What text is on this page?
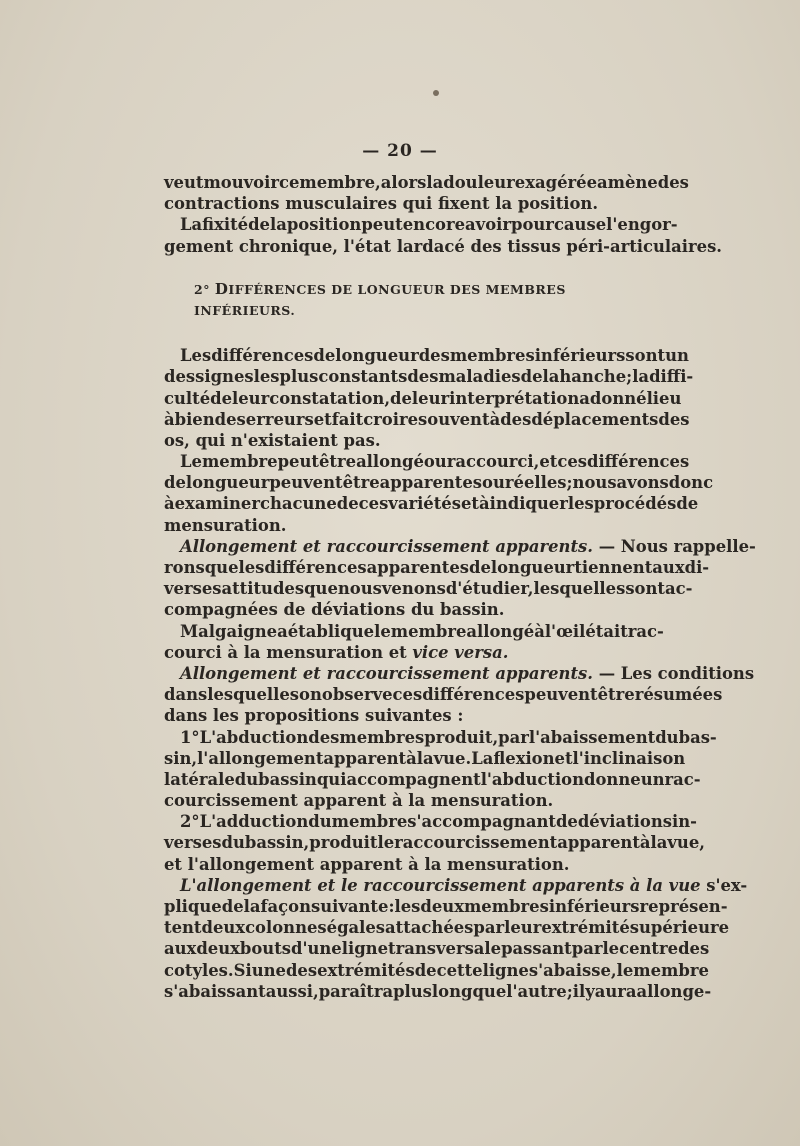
— 20 —
veut mouvoir ce membre, alors la douleur exagérée amène des
contractions musculaires qui fixent la position.
La fixité de la position peut encore avoir pour cause l'engor-
gement chronique, l'état lardacé des tissus péri-articulaires.
2° DIFFÉRENCES DE LONGUEUR DES MEMBRES INFÉRIEURS.
Les différences de longueur des membres inférieurs sont un
des signes les plus constants des maladies de la hanche; la diffi-
culté de leur constatation, de leur interprétation a donné lieu
à bien des erreurs et fait croire souvent à des déplacements des
os, qui n'existaient pas.
Le membre peut être allongé ou raccourci, et ces différences
de longueur peuvent être apparentes ou réelles; nous avons donc
à examiner chacune de ces variétés et à indiquer les procédés de
mensuration.
Allongement et raccourcissement apparents. — Nous rappelle-
rons que les différences apparentes de longueur tiennent aux di-
verses attitudes que nous venons d'étudier, lesquelles sont ac-
compagnées de déviations du bassin.
Malgaigne a établi que le membre allongé à l'œil était rac-
courci à la mensuration et vice versa.
Allongement et raccourcissement apparents. — Les conditions
dans lesquelles on observe ces différences peuvent être résumées
dans les propositions suivantes :
1° L'abduction des membres produit, par l'abaissement du bas-
sin, l'allongement apparent à la vue. La flexion et l'inclinaison
latérale du bassin qui accompagnent l'abduction donne un rac-
courcissement apparent à la mensuration.
2° L'adduction du membre s'accompagnant de déviations in-
verses du bassin, produit le raccourcissement apparent à la vue,
et l'allongement apparent à la mensuration.
L'allongement et le raccourcissement apparents à la vue s'ex-
plique de la façon suivante : les deux membres inférieurs représen-
tent deux colonnes égales attachées par leur extrémité supérieure
aux deux bouts d'une ligne transversale passant par le centre des
cotyles. Si une des extrémités de cette ligne s'abaisse, le membre
s'abaissant aussi, paraîtra plus long que l'autre ; il y aura allonge-
